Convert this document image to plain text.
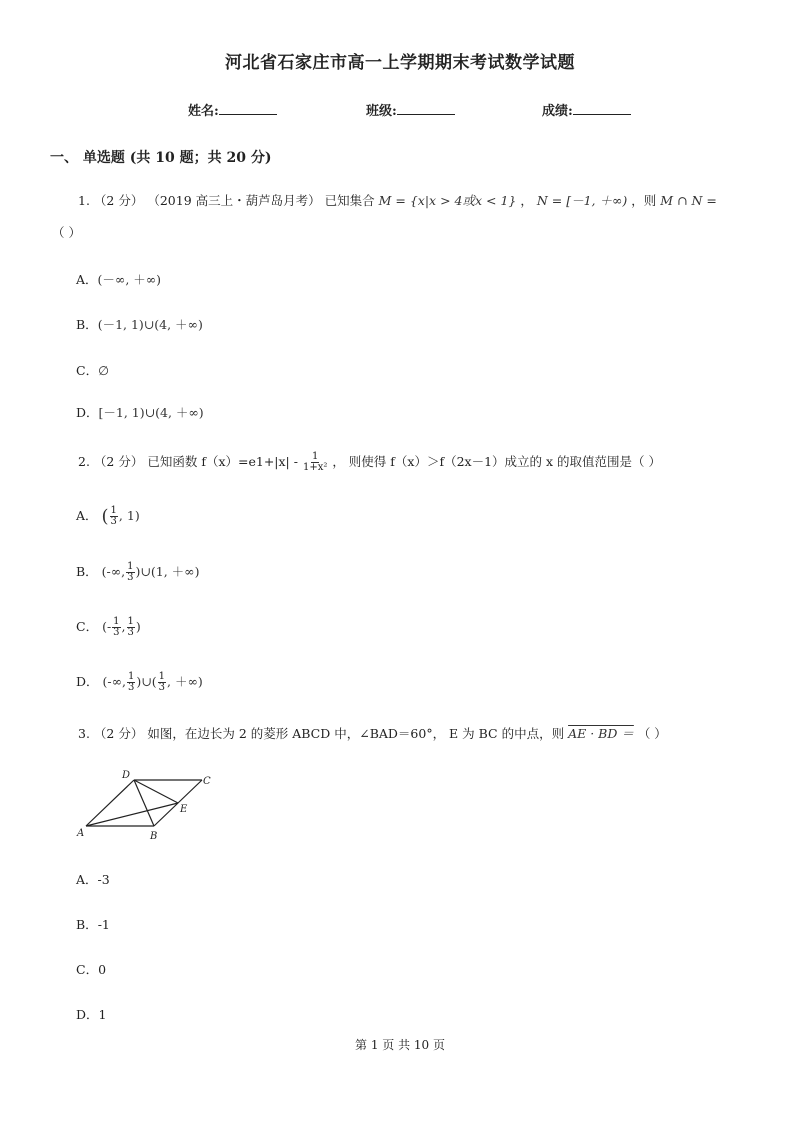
河北省石家庄市高一上学期期末考试数学试题
姓名:	班级:	成绩:
一、 单选题 (共 10 题；共 20 分)
1. （2 分） （2019 高三上・葫芦岛月考） 已知集合 M = {x|x > 4或x < 1} ， N = [－1, ＋∞) ，则 M ∩ N =
（ ）
A．(－∞, ＋∞)
B．(－1, 1)∪(4, ＋∞)
C．∅
D．[－1, 1)∪(4, ＋∞)
2. （2 分） 已知函数 $f(x)=e1+|x| - \frac{1}{\text{1+x²}}$ ， 则使得 f（x）＞f（2x－1）成立的 x 的取值范围是（ ）
A． ( $\frac{1}{3}$ , 1)
B． (-∞, $\frac{1}{3}$ )∪(1, ＋∞)
C． (- $\frac{1}{3}$ , $\frac{1}{3}$ )
D． (-∞, $\frac{1}{3}$ )∪( $\frac{1}{3}$ , ＋∞)
3. （2 分） 如图，在边长为 2 的菱形 ABCD 中，∠BAD＝60°， E 为 BC 的中点，则 AE · BD ＝ （ ）
A	B
C
D
E
A．-3
B．-1
C．0
D．1
第 1 页 共 10 页
